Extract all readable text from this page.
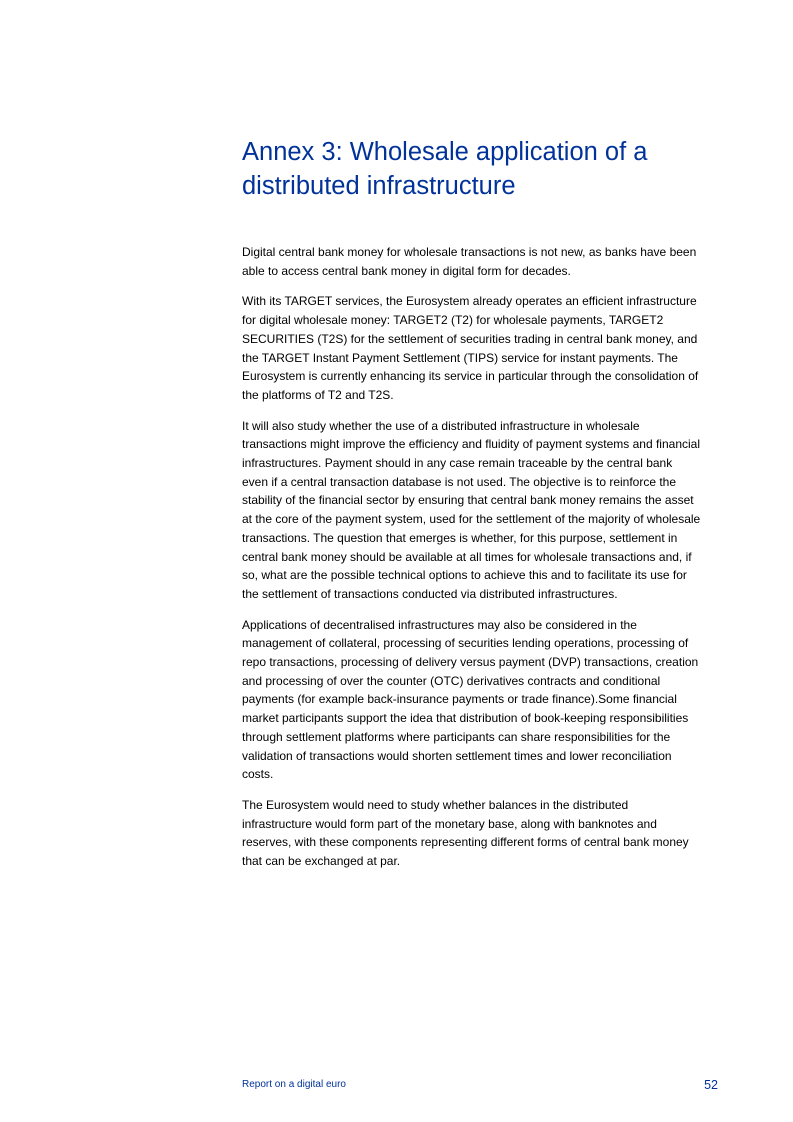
Annex 3: Wholesale application of a
distributed infrastructure

Digital central bank money for wholesale transactions is not new, as banks have been
able to access central bank money in digital form for decades.

With its TARGET services, the Eurosystem already operates an efficient infrastructure
for digital wholesale money: TARGET2 (T2) for wholesale payments, TARGET2
SECURITIES (T2S) for the settlement of securities trading in central bank money, and
the TARGET Instant Payment Settlement (TIPS) service for instant payments. The
Eurosystem is currently enhancing its service in particular through the consolidation of
the platforms of T2 and T2S.

It will also study whether the use of a distributed infrastructure in wholesale
transactions might improve the efficiency and fluidity of payment systems and financial
infrastructures. Payment should in any case remain traceable by the central bank
even if a central transaction database is not used. The objective is to reinforce the
stability of the financial sector by ensuring that central bank money remains the asset
at the core of the payment system, used for the settlement of the majority of wholesale
transactions. The question that emerges is whether, for this purpose, settlement in
central bank money should be available at all times for wholesale transactions and, if
so, what are the possible technical options to achieve this and to facilitate its use for
the settlement of transactions conducted via distributed infrastructures.

Applications of decentralised infrastructures may also be considered in the
management of collateral, processing of securities lending operations, processing of
repo transactions, processing of delivery versus payment (DVP) transactions, creation
and processing of over the counter (OTC) derivatives contracts and conditional
payments (for example back-insurance payments or trade finance).Some financial
market participants support the idea that distribution of book-keeping responsibilities
through settlement platforms where participants can share responsibilities for the
validation of transactions would shorten settlement times and lower reconciliation
costs.

The Eurosystem would need to study whether balances in the distributed
infrastructure would form part of the monetary base, along with banknotes and
reserves, with these components representing different forms of central bank money
that can be exchanged at par.

Report on a digital euro	52
